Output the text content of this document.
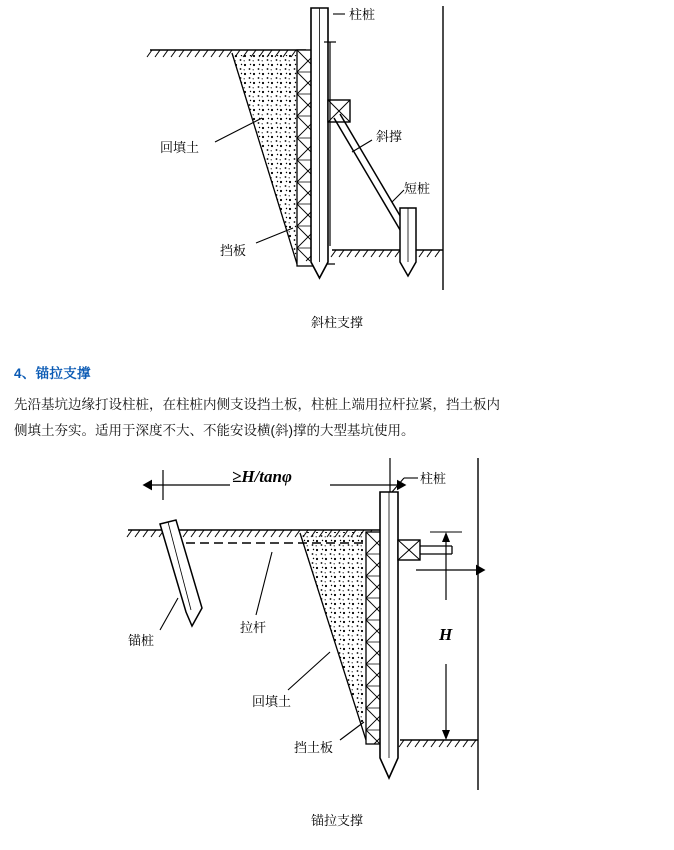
柱桩
斜撑
短桩
回填土
挡板
斜柱支撑
4、锚拉支撑

先沿基坑边缘打设柱桩，在柱桩内侧支设挡土板，柱桩上端用拉杆拉紧，挡土板内

侧填土夯实。适用于深度不大、不能安设横(斜)撑的大型基坑使用。

≥H/tanφ
H
柱桩
锚桩
拉杆
回填土
挡土板
锚拉支撑
